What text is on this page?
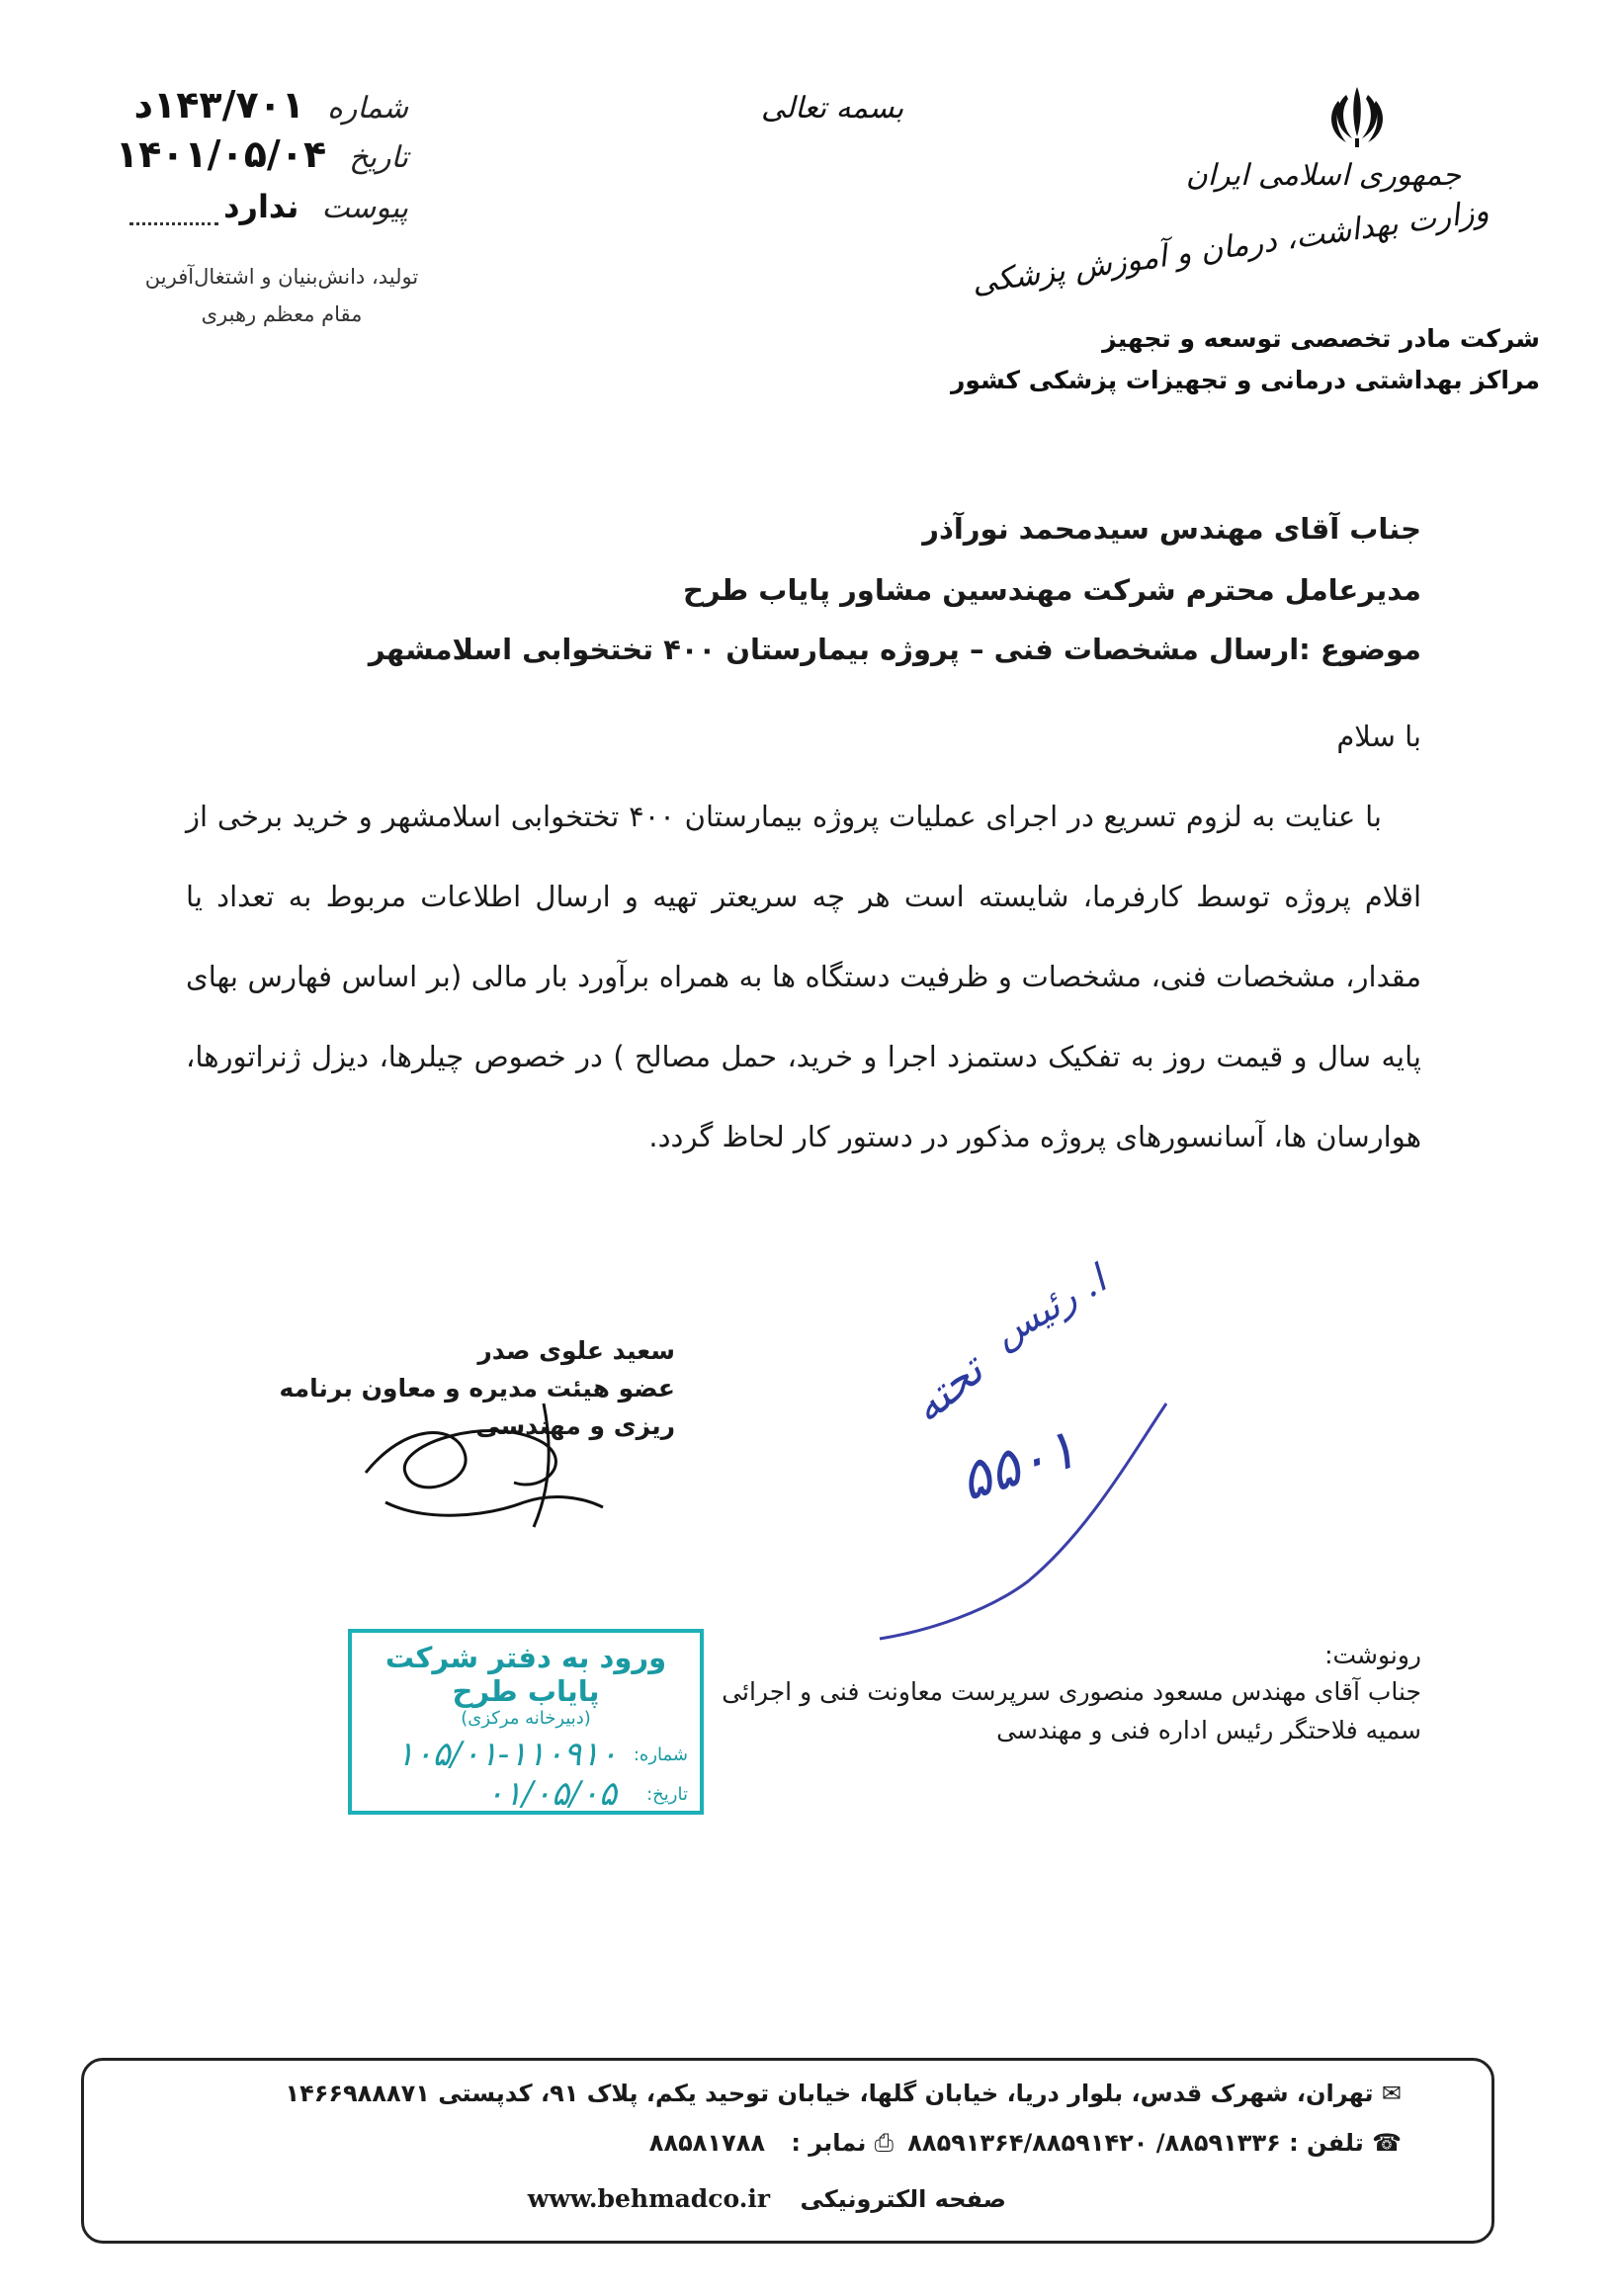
بسمه تعالی
شماره ۱۴۳/۷۰۱د
تاریخ ۱۴۰۱/۰۵/۰۴
پیوست ندارد
تولید، دانش‌بنیان و اشتغال‌آفرین
مقام معظم رهبری
جمهوری اسلامی ایران
وزارت بهداشت، درمان و آموزش پزشکی
شرکت مادر تخصصی توسعه و تجهیز
مراکز بهداشتی درمانی و تجهیزات پزشکی کشور
جناب آقای مهندس سیدمحمد نورآذر
مدیرعامل محترم شرکت مهندسین مشاور پایاب طرح
موضوع :ارسال مشخصات فنی – پروژه بیمارستان ۴۰۰ تختخوابی اسلامشهر
با سلام
با عنایت به لزوم تسریع در اجرای عملیات پروژه بیمارستان ۴۰۰ تختخوابی اسلامشهر و خرید برخی از اقلام پروژه توسط کارفرما، شایسته است هر چه سریعتر تهیه و ارسال اطلاعات مربوط به تعداد یا مقدار، مشخصات فنی، مشخصات و ظرفیت دستگاه ها به همراه برآورد بار مالی (بر اساس فهارس بهای پایه سال و قیمت روز به تفکیک دستمزد اجرا و خرید، حمل مصالح ) در خصوص چیلرها، دیزل ژنراتورها، هوارسان ها، آسانسورهای پروژه مذکور در دستور کار لحاظ گردد.
ا. رئیس
تحته
۵۵۰۱
سعید علوی صدر
عضو هیئت مدیره و معاون برنامه ریزی و مهندسی
ورود به دفتر شرکت پایاب طرح
(دبیرخانه مرکزی)
شماره:
۱۰۵/۰۱-۱۱۰۹۱۰
تاریخ:
۰۱/۰۵/۰۵
رونوشت:
جناب آقای مهندس مسعود منصوری سرپرست معاونت فنی و اجرائی
سمیه فلاحتگر رئیس اداره فنی و مهندسی
✉ تهران، شهرک قدس، بلوار دریا، خیابان گلها، خیابان توحید یکم، پلاک ۹۱، کدپستی ۱۴۶۶۹۸۸۸۷۱
☎ تلفن : ۸۸۵۹۱۳۳۶/ ۸۸۵۹۱۳۶۴/۸۸۵۹۱۴۲۰ ⎙ نمابر : ۸۸۵۸۱۷۸۸
صفحه الکترونیکی www.behmadco.ir
